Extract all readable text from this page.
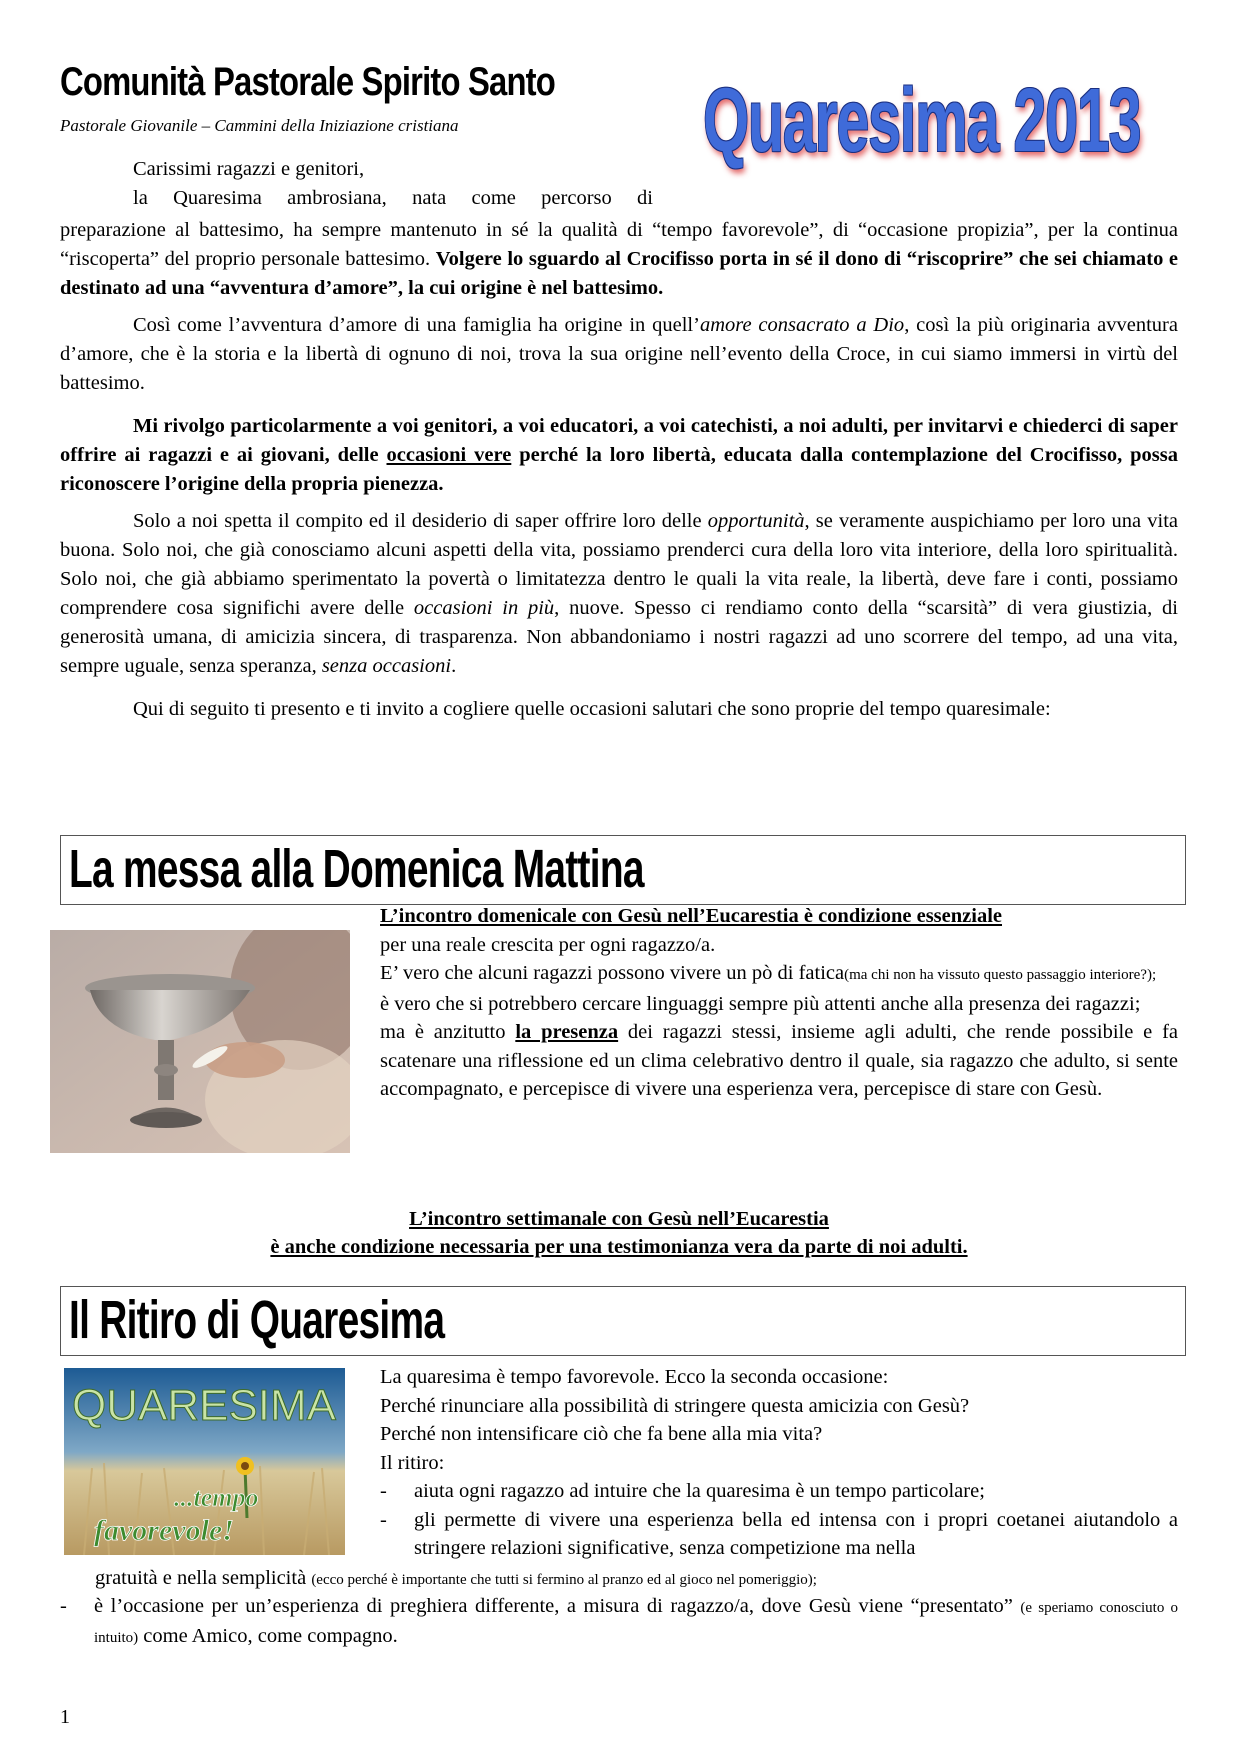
Comunità Pastorale Spirito Santo
Pastorale Giovanile – Cammini della Iniziazione cristiana	Quaresima 2013
Carissimi ragazzi e genitori,
la Quaresima ambrosiana, nata come percorso di

preparazione al battesimo, ha sempre mantenuto in sé la qualità di “tempo favorevole”, di “occasione propizia”, per la continua “riscoperta” del proprio personale battesimo. Volgere lo sguardo al Crocifisso porta in sé il dono di “riscoprire” che sei chiamato e destinato ad una “avventura d’amore”, la cui origine è nel battesimo.

Così come l’avventura d’amore di una famiglia ha origine in quell’amore consacrato a Dio, così la più originaria avventura d’amore, che è la storia e la libertà di ognuno di noi, trova la sua origine nell’evento della Croce, in cui siamo immersi in virtù del battesimo.

Mi rivolgo particolarmente a voi genitori, a voi educatori, a voi catechisti, a noi adulti, per invitarvi e chiederci di saper offrire ai ragazzi e ai giovani, delle occasioni vere perché la loro libertà, educata dalla contemplazione del Crocifisso, possa riconoscere l’origine della propria pienezza.

Solo a noi spetta il compito ed il desiderio di saper offrire loro delle opportunità, se veramente auspichiamo per loro una vita buona. Solo noi, che già conosciamo alcuni aspetti della vita, possiamo prenderci cura della loro vita interiore, della loro spiritualità. Solo noi, che già abbiamo sperimentato la povertà o limitatezza dentro le quali la vita reale, la libertà, deve fare i conti, possiamo comprendere cosa significhi avere delle occasioni in più, nuove. Spesso ci rendiamo conto della “scarsità” di vera giustizia, di generosità umana, di amicizia sincera, di trasparenza. Non abbandoniamo i nostri ragazzi ad uno scorrere del tempo, ad una vita, sempre uguale, senza speranza, senza occasioni.

Qui di seguito ti presento e ti invito a cogliere quelle occasioni salutari che sono proprie del tempo quaresimale:

La messa alla Domenica Mattina

L’incontro domenicale con Gesù nell’Eucarestia è condizione essenziale

per una reale crescita per ogni ragazzo/a.

E’ vero che alcuni ragazzi possono vivere un pò di fatica(ma chi non ha vissuto questo passaggio interiore?);

è vero che si potrebbero cercare linguaggi sempre più attenti anche alla presenza dei ragazzi;

ma è anzitutto la presenza dei ragazzi stessi, insieme agli adulti, che rende possibile e fa scatenare una riflessione ed un clima celebrativo dentro il quale, sia ragazzo che adulto, si sente accompagnato, e percepisce di vivere una esperienza vera, percepisce di stare con Gesù.

L’incontro settimanale con Gesù nell’Eucarestia
è anche condizione necessaria per una testimonianza vera da parte di noi adulti.
Il Ritiro di Quaresima
QUARESIMA
...tempo
favorevole!

La quaresima è tempo favorevole. Ecco la seconda occasione:

Perché rinunciare alla possibilità di stringere questa amicizia con Gesù?

Perché non intensificare ciò che fa bene alla mia vita?

Il ritiro:

-	aiuta ogni ragazzo ad intuire che la quaresima è un tempo particolare;
-	gli permette di vivere una esperienza bella ed intensa con i propri coetanei aiutandolo a stringere relazioni significative, senza competizione ma nella
gratuità e nella semplicità (ecco perché è importante che tutti si fermino al pranzo ed al gioco nel pomeriggio);
-	è l’occasione per un’esperienza di preghiera differente, a misura di ragazzo/a, dove Gesù viene “presentato” (e speriamo conosciuto o intuito) come Amico, come compagno.
1
